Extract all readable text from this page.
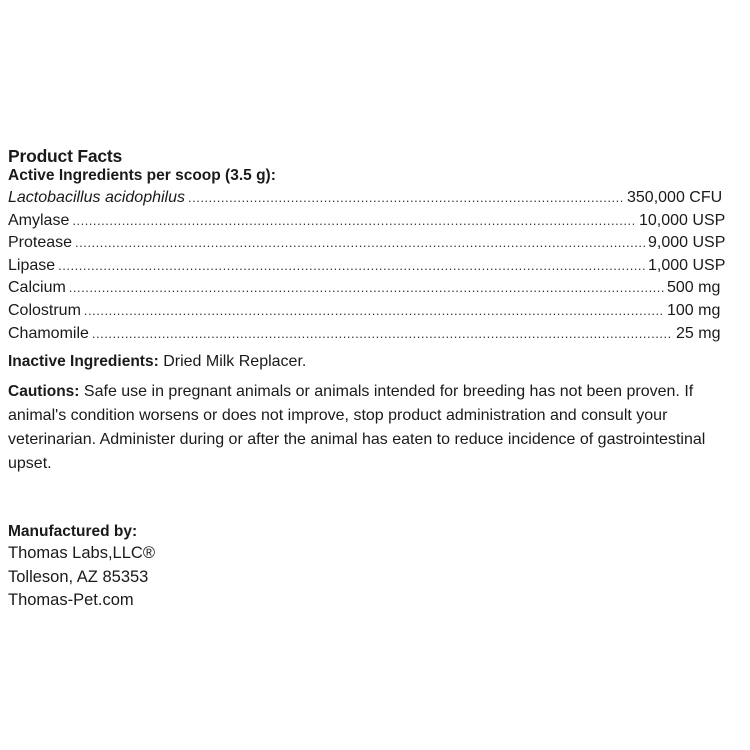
Product Facts
Active Ingredients per scoop (3.5 g):
Lactobacillus acidophilus .....	350,000 CFU
Amylase .....	10,000 USP
Protease .....	9,000 USP
Lipase .....	1,000 USP
Calcium .....	500 mg
Colostrum .....	100 mg
Chamomile .....	25 mg
Inactive Ingredients: Dried Milk Replacer.
Cautions: Safe use in pregnant animals or animals intended for breeding has not been proven. If animal's condition worsens or does not improve, stop product administration and consult your veterinarian. Administer during or after the animal has eaten to reduce incidence of gastrointestinal upset.
Manufactured by:
Thomas Labs,LLC®
Tolleson, AZ 85353
Thomas-Pet.com
